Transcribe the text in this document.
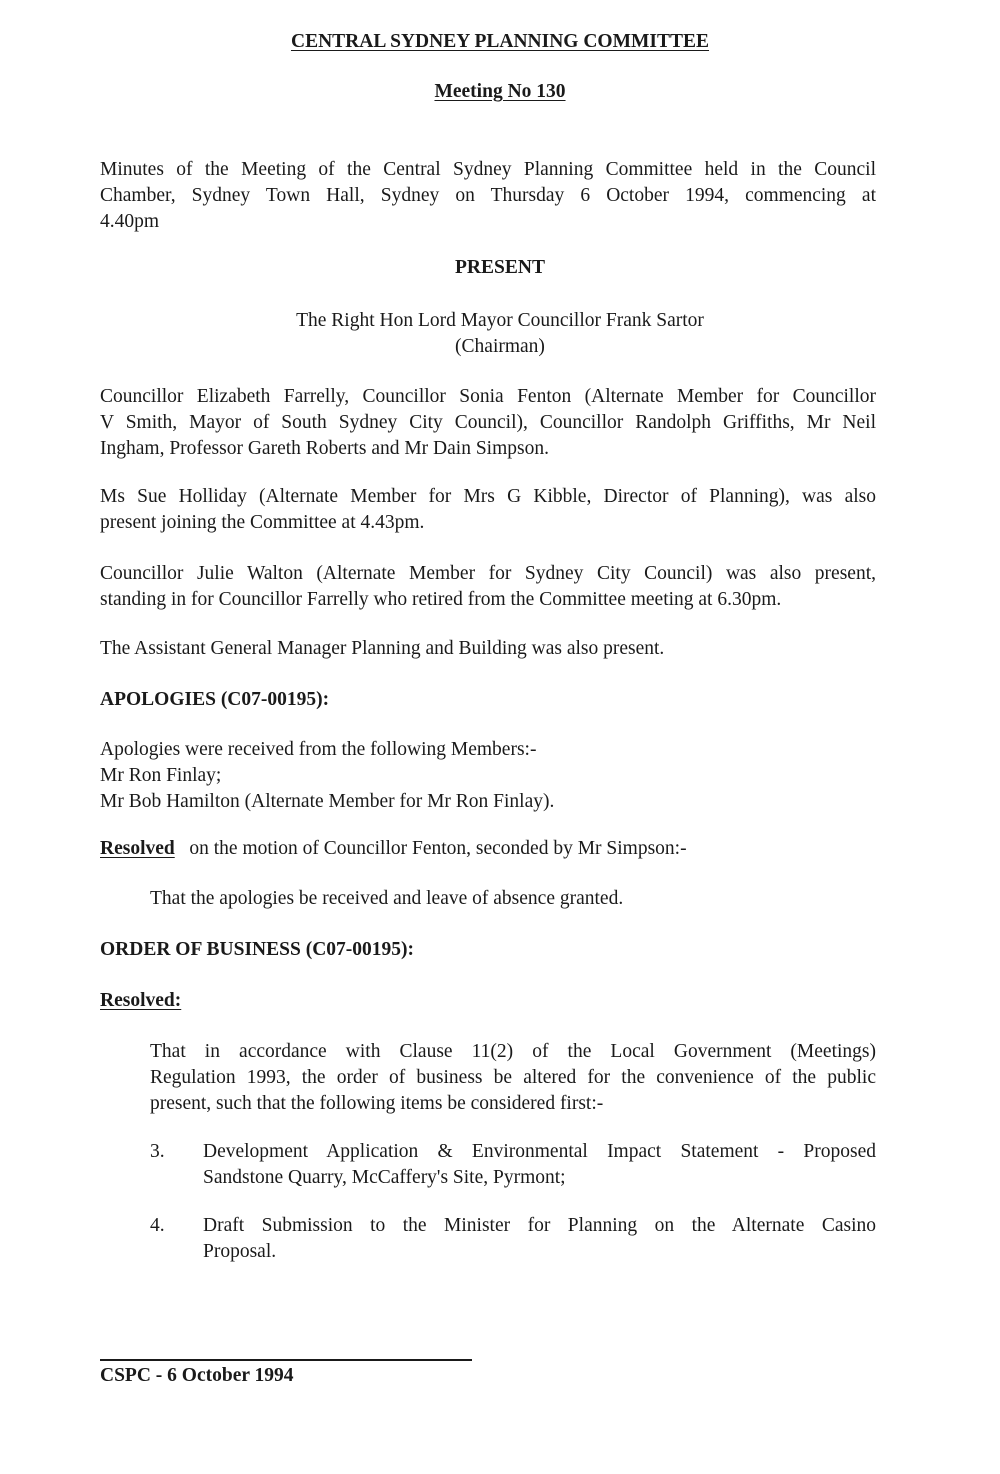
CENTRAL SYDNEY PLANNING COMMITTEE

Meeting No 130

Minutes of the Meeting of the Central Sydney Planning Committee held in the Council

Chamber, Sydney Town Hall, Sydney on Thursday 6 October 1994, commencing at

4.40pm

PRESENT

The Right Hon Lord Mayor Councillor Frank Sartor

(Chairman)

Councillor Elizabeth Farrelly, Councillor Sonia Fenton (Alternate Member for Councillor

V Smith, Mayor of South Sydney City Council), Councillor Randolph Griffiths, Mr Neil

Ingham, Professor Gareth Roberts and Mr Dain Simpson.

Ms Sue Holliday (Alternate Member for Mrs G Kibble, Director of Planning), was also

present joining the Committee at 4.43pm.

Councillor Julie Walton (Alternate Member for Sydney City Council) was also present,

standing in for Councillor Farrelly who retired from the Committee meeting at 6.30pm.

The Assistant General Manager Planning and Building was also present.

APOLOGIES (C07-00195):

Apologies were received from the following Members:-

Mr Ron Finlay;

Mr Bob Hamilton (Alternate Member for Mr Ron Finlay).

Resolved on the motion of Councillor Fenton, seconded by Mr Simpson:-

That the apologies be received and leave of absence granted.

ORDER OF BUSINESS (C07-00195):

Resolved:

That in accordance with Clause 11(2) of the Local Government (Meetings)

Regulation 1993, the order of business be altered for the convenience of the public

present, such that the following items be considered first:-

3. Development Application & Environmental Impact Statement - Proposed

Sandstone Quarry, McCaffery's Site, Pyrmont;

4. Draft Submission to the Minister for Planning on the Alternate Casino

Proposal.

CSPC - 6 October 1994
